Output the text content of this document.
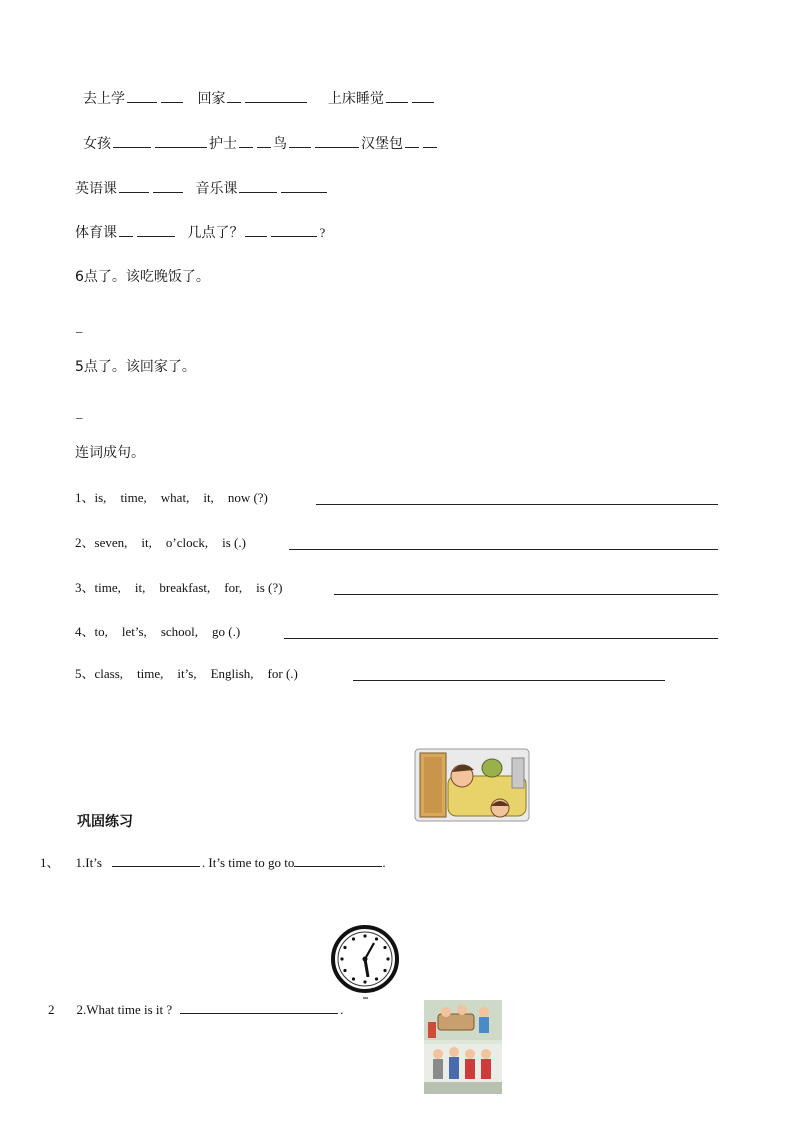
去上学	回家	上床睡觉
女孩	护士	鸟	汉堡包
英语课	音乐课
体育课	几点了？	?
6点了。该吃晚饭了。
_
5点了。该回家了。
_
连词成句。
1、is, time, what, it, now (?)
2、seven, it, o’clock, is (.)
3、time, it, breakfast, for, is (?)
4、to, let’s, school, go (.)
5、class, time, it’s, English, for (.)
巩固练习
1、 1.It’s	. It’s time to go to	.
2 2.What time is it ?	.
